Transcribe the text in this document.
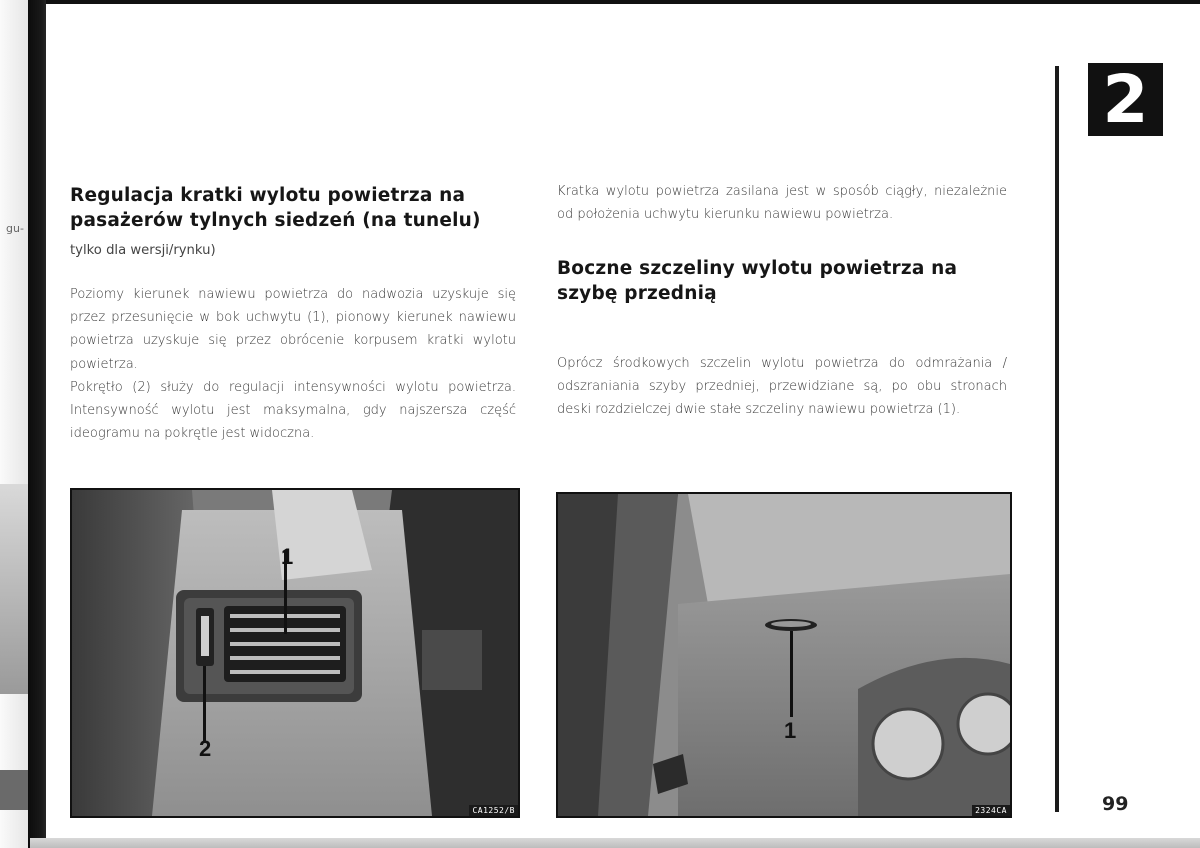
gu-
2
99
Regulacja kratki wylotu powietrza na
pasażerów tylnych siedzeń (na tunelu)

tylko dla wersji/rynku)

Poziomy kierunek nawiewu powietrza do nadwozia uzyskuje się przez przesunięcie w bok uchwytu (1), pionowy kierunek nawiewu powietrza uzyskuje się przez obrócenie korpusem kratki wylotu powietrza.

Pokrętło (2) służy do regulacji intensywności wylotu powietrza. Intensywność wylotu jest maksymalna, gdy najszersza część ideogramu na pokrętle jest widoczna.

1
2
CA1252/B

Kratka wylotu powietrza zasilana jest w sposób ciągły, niezależnie od położenia uchwytu kierunku nawiewu powietrza.

Boczne szczeliny wylotu powietrza na
szybę przednią

Oprócz środkowych szczelin wylotu powietrza do odmrażania / odszraniania szyby przedniej, przewidziane są, po obu stronach deski rozdzielczej dwie stałe szczeliny nawiewu powietrza (1).

1
2324CA
